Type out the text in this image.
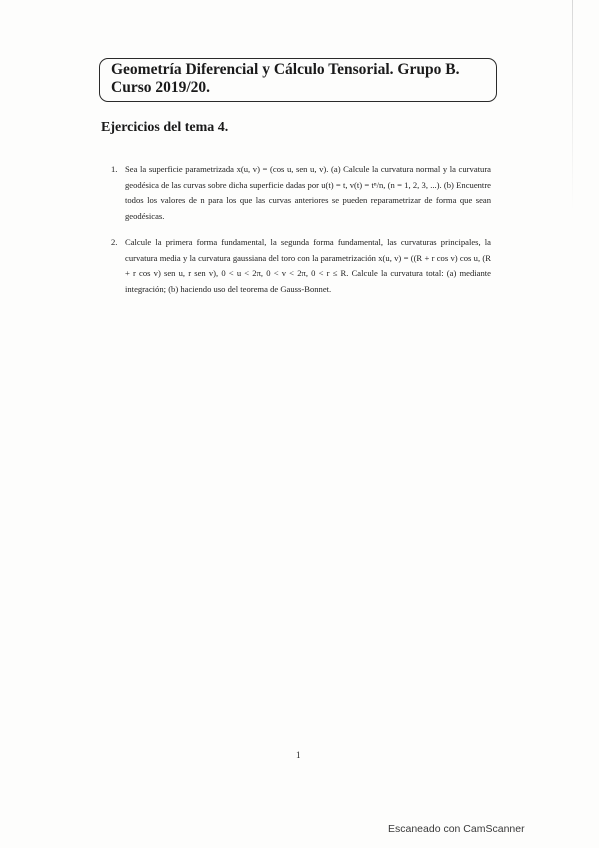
Geometría Diferencial y Cálculo Tensorial. Grupo B.
Curso 2019/20.
Ejercicios del tema 4.
1. Sea la superficie parametrizada x(u, v) = (cos u, sen u, v). (a) Calcule la curvatura normal y la curvatura geodésica de las curvas sobre dicha superficie dadas por u(t) = t, v(t) = tⁿ/n, (n = 1, 2, 3, ...). (b) Encuentre todos los valores de n para los que las curvas anteriores se pueden reparametrizar de forma que sean geodésicas.
2. Calcule la primera forma fundamental, la segunda forma fundamental, las curvaturas principales, la curvatura media y la curvatura gaussiana del toro con la parametrización x(u, v) = ((R + r cos v) cos u, (R + r cos v) sen u, r sen v), 0 < u < 2π, 0 < v < 2π, 0 < r ≤ R. Calcule la curvatura total: (a) mediante integración; (b) haciendo uso del teorema de Gauss-Bonnet.
1
Escaneado con CamScanner
